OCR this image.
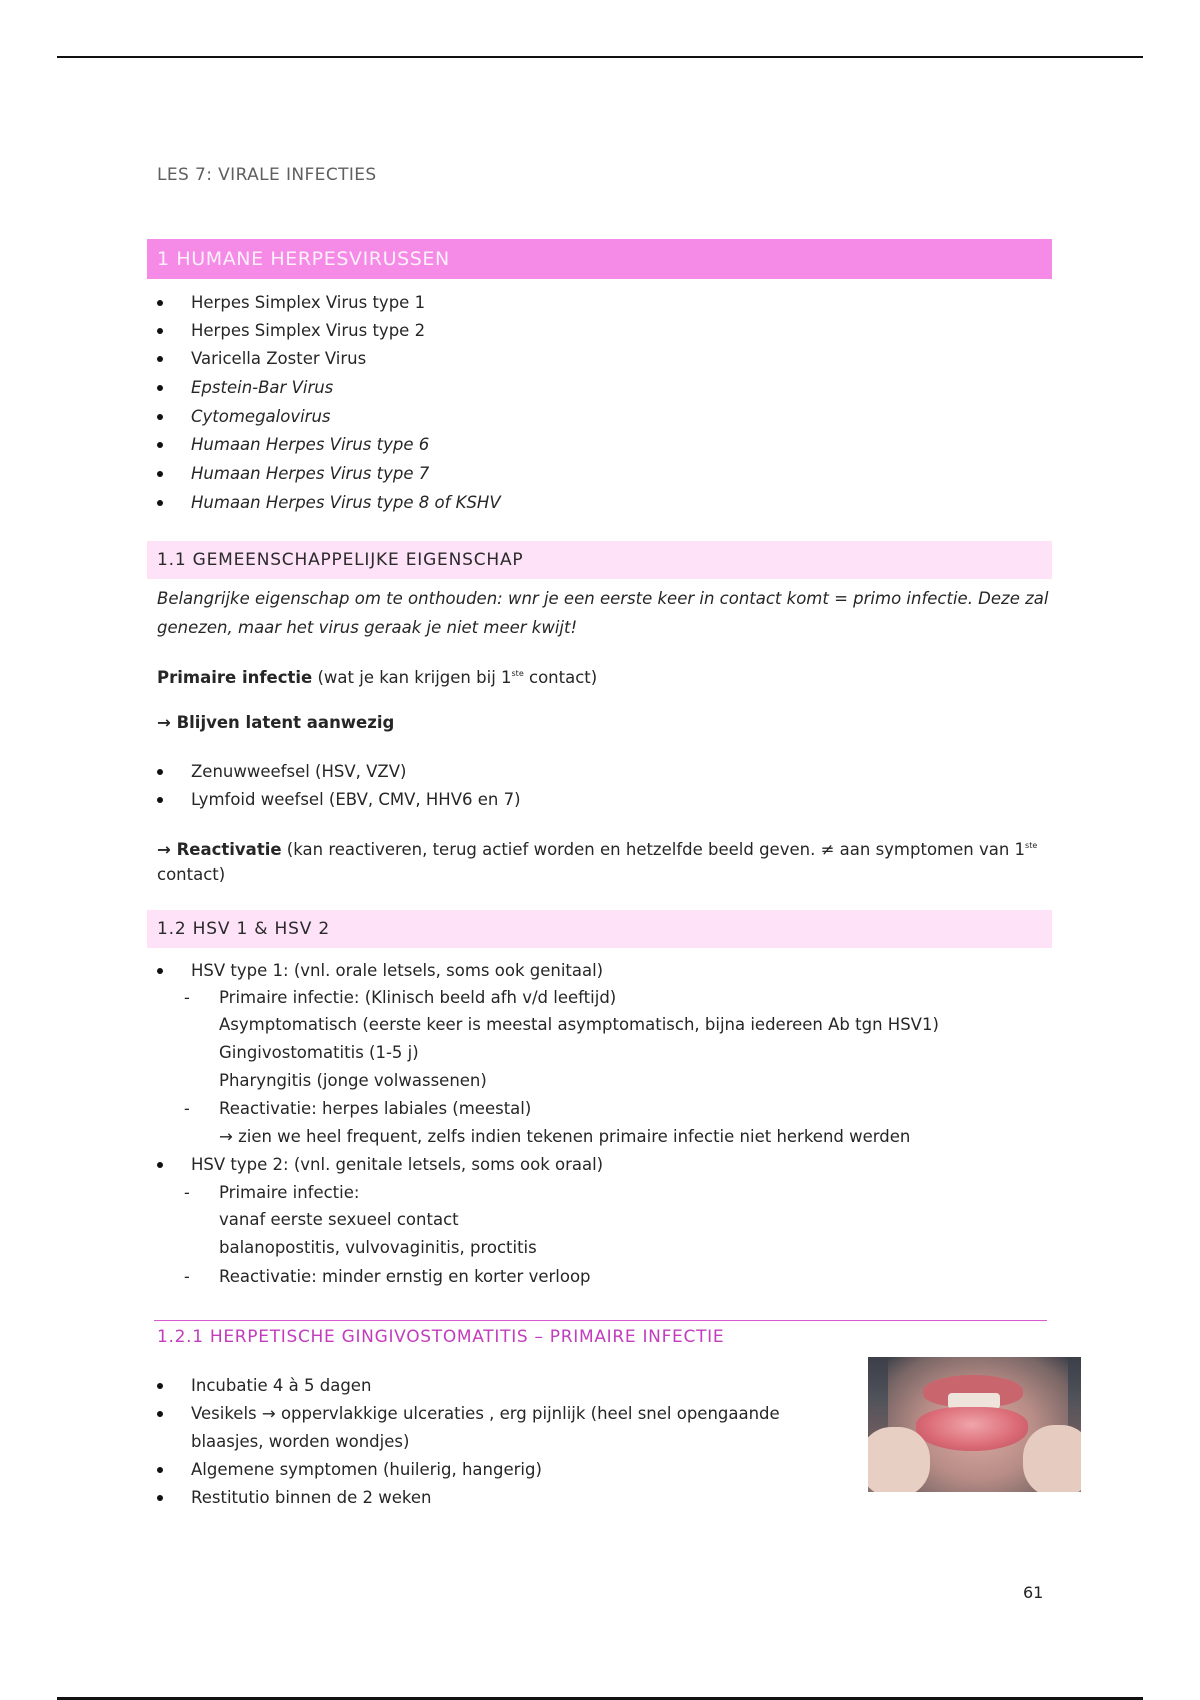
LES 7: VIRALE INFECTIES
1 HUMANE HERPESVIRUSSEN
Herpes Simplex Virus type 1
Herpes Simplex Virus type 2
Varicella Zoster Virus
Epstein-Bar Virus
Cytomegalovirus
Humaan Herpes Virus type 6
Humaan Herpes Virus type 7
Humaan Herpes Virus type 8 of KSHV
1.1 GEMEENSCHAPPELIJKE EIGENSCHAP
Belangrijke eigenschap om te onthouden: wnr je een eerste keer in contact komt = primo infectie. Deze zal
genezen, maar het virus geraak je niet meer kwijt!
Primaire infectie (wat je kan krijgen bij 1ste contact)
→ Blijven latent aanwezig
Zenuwweefsel (HSV, VZV)
Lymfoid weefsel (EBV, CMV, HHV6 en 7)
→ Reactivatie (kan reactiveren, terug actief worden en hetzelfde beeld geven. ≠ aan symptomen van 1ste
contact)
1.2 HSV 1 & HSV 2
HSV type 1: (vnl. orale letsels, soms ook genitaal)
- Primaire infectie: (Klinisch beeld afh v/d leeftijd)
Asymptomatisch (eerste keer is meestal asymptomatisch, bijna iedereen Ab tgn HSV1)
Gingivostomatitis (1-5 j)
Pharyngitis (jonge volwassenen)
- Reactivatie: herpes labiales (meestal)
→ zien we heel frequent, zelfs indien tekenen primaire infectie niet herkend werden
HSV type 2: (vnl. genitale letsels, soms ook oraal)
- Primaire infectie:
vanaf eerste sexueel contact
balanopostitis, vulvovaginitis, proctitis
- Reactivatie: minder ernstig en korter verloop
1.2.1 HERPETISCHE GINGIVOSTOMATITIS – PRIMAIRE INFECTIE
Incubatie 4 à 5 dagen
Vesikels → oppervlakkige ulceraties , erg pijnlijk (heel snel opengaande
blaasjes, worden wondjes)
Algemene symptomen (huilerig, hangerig)
Restitutio binnen de 2 weken
61
